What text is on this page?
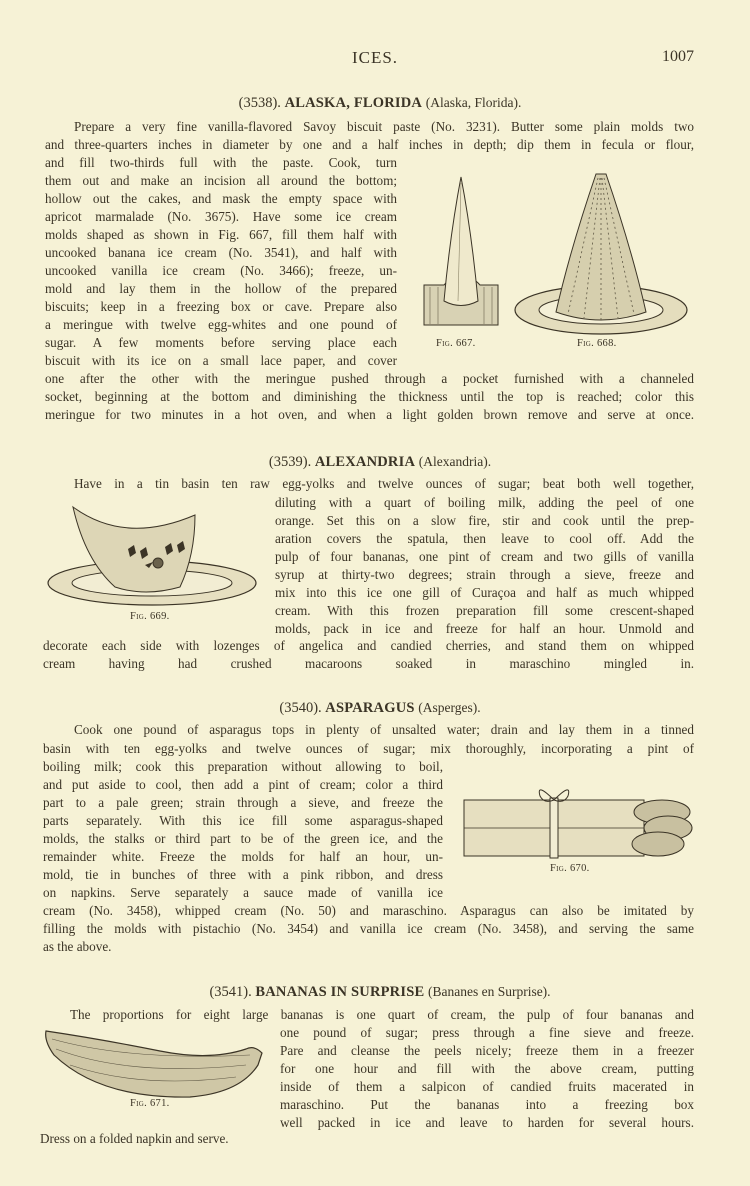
ICES.	1007
(3538). ALASKA, FLORIDA (Alaska, Florida).
(3539). ALEXANDRIA (Alexandria).
(3540). ASPARAGUS (Asperges).
(3541). BANANAS IN SURPRISE (Bananes en Surprise).
Prepare a very fine vanilla-flavored Savoy biscuit paste (No. 3231). Butter some plain molds two
and three-quarters inches in diameter by one and a half inches in depth; dip them in fecula or flour,
and fill two-thirds full with the paste. Cook, turn
them out and make an incision all around the bottom;
hollow out the cakes, and mask the empty space with
apricot marmalade (No. 3675). Have some ice cream
molds shaped as shown in Fig. 667, fill them half with
uncooked banana ice cream (No. 3541), and half with
uncooked vanilla ice cream (No. 3466); freeze, un-
mold and lay them in the hollow of the prepared
biscuits; keep in a freezing box or cave. Prepare also
a meringue with twelve egg-whites and one pound of
sugar. A few moments before serving place each
biscuit with its ice on a small lace paper, and cover
one after the other with the meringue pushed through a pocket furnished with a channeled
socket, beginning at the bottom and diminishing the thickness until the top is reached; color this
meringue for two minutes in a hot oven, and when a light golden brown remove and serve at once.
Have in a tin basin ten raw egg-yolks and twelve ounces of sugar; beat both well together,
diluting with a quart of boiling milk, adding the peel of one
orange. Set this on a slow fire, stir and cook until the prep-
aration covers the spatula, then leave to cool off. Add the
pulp of four bananas, one pint of cream and two gills of vanilla
syrup at thirty-two degrees; strain through a sieve, freeze and
mix into this ice one gill of Curaçoa and half as much whipped
cream. With this frozen preparation fill some crescent-shaped
molds, pack in ice and freeze for half an hour. Unmold and
decorate each side with lozenges of angelica and candied cherries, and stand them on whipped
cream having had crushed macaroons soaked in maraschino mingled in.
Cook one pound of asparagus tops in plenty of unsalted water; drain and lay them in a tinned
basin with ten egg-yolks and twelve ounces of sugar; mix thoroughly, incorporating a pint of
boiling milk; cook this preparation without allowing to boil,
and put aside to cool, then add a pint of cream; color a third
part to a pale green; strain through a sieve, and freeze the
parts separately. With this ice fill some asparagus-shaped
molds, the stalks or third part to be of the green ice, and the
remainder white. Freeze the molds for half an hour, un-
mold, tie in bunches of three with a pink ribbon, and dress
on napkins. Serve separately a sauce made of vanilla ice
cream (No. 3458), whipped cream (No. 50) and maraschino. Asparagus can also be imitated by
filling the molds with pistachio (No. 3454) and vanilla ice cream (No. 3458), and serving the same
as the above.
The proportions for eight large bananas is one quart of cream, the pulp of four bananas and
one pound of sugar; press through a fine sieve and freeze.
Pare and cleanse the peels nicely; freeze them in a freezer
for one hour and fill with the above cream, putting
inside of them a salpicon of candied fruits macerated in
maraschino. Put the bananas into a freezing box
well packed in ice and leave to harden for several hours.
Dress on a folded napkin and serve.
Fig. 667.	Fig. 668.
Fig. 669.
Fig. 670.
Fig. 671.
